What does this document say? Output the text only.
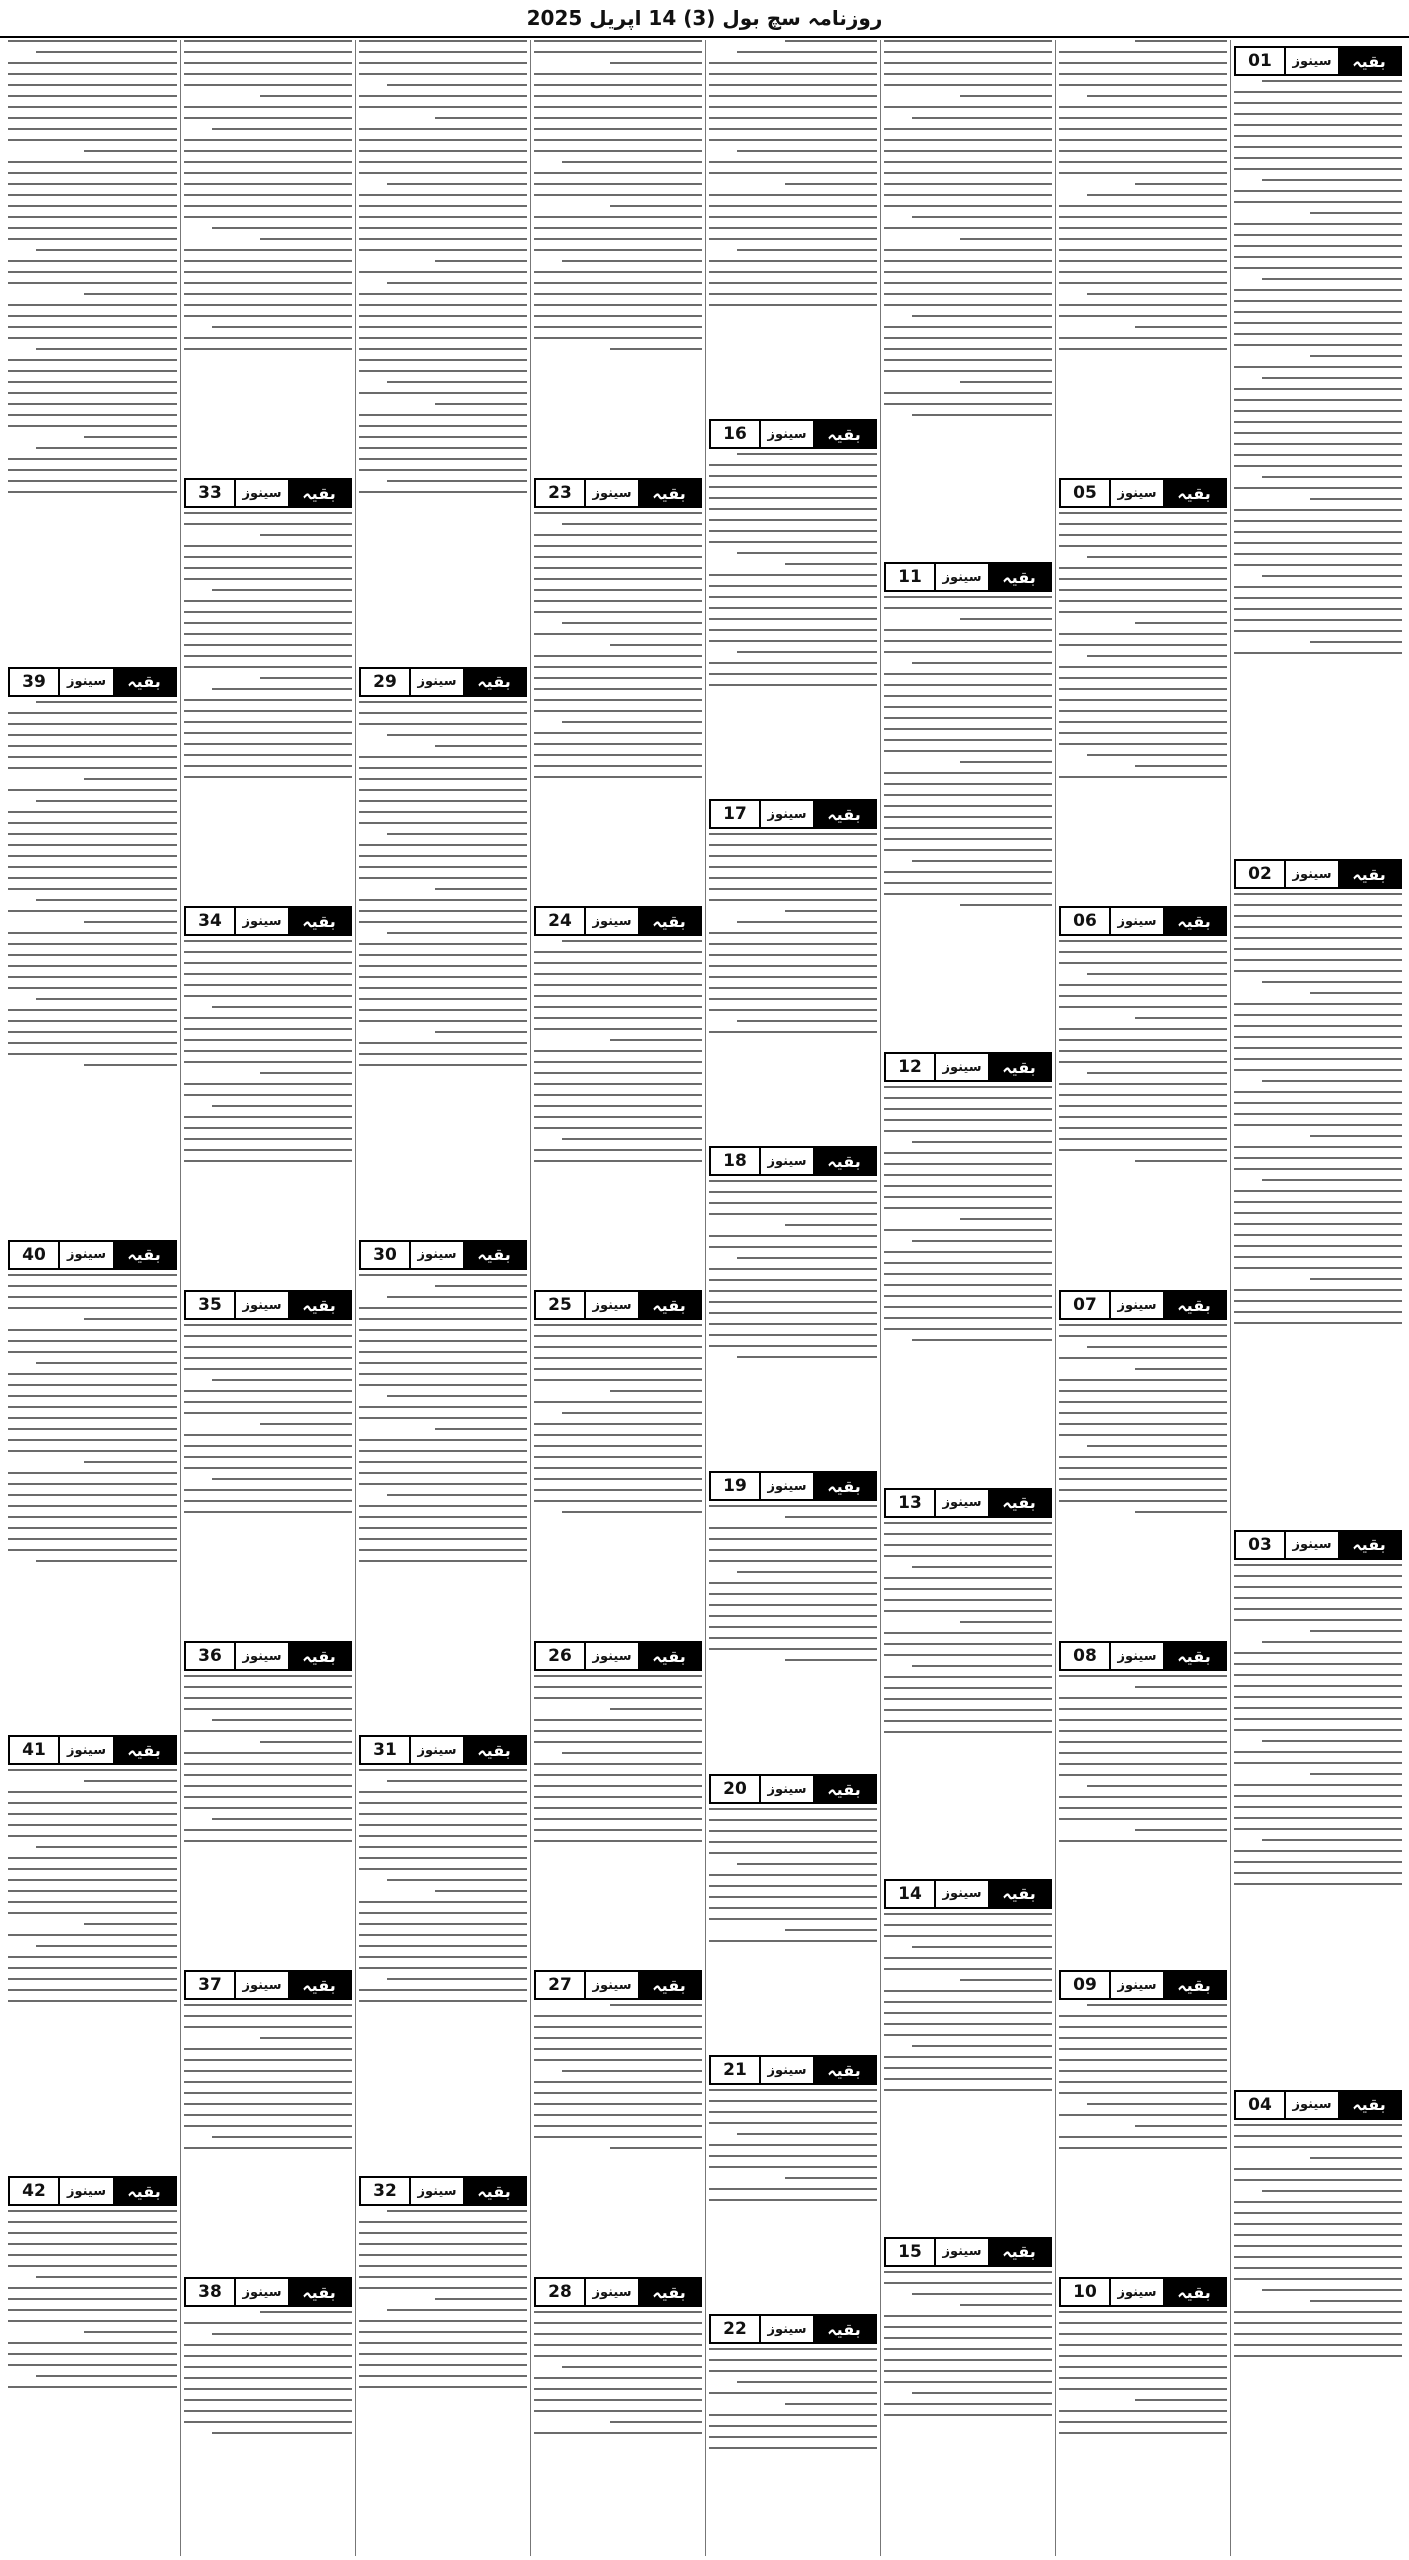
روزنامہ سچ بول (3) 14 اپریل 2025
01	سینوز	بقیہ
02	سینوز	بقیہ
03	سینوز	بقیہ
04	سینوز	بقیہ
05	سینوز	بقیہ
06	سینوز	بقیہ
07	سینوز	بقیہ
08	سینوز	بقیہ
09	سینوز	بقیہ
10	سینوز	بقیہ
11	سینوز	بقیہ
12	سینوز	بقیہ
13	سینوز	بقیہ
14	سینوز	بقیہ
15	سینوز	بقیہ
16	سینوز	بقیہ
17	سینوز	بقیہ
18	سینوز	بقیہ
19	سینوز	بقیہ
20	سینوز	بقیہ
21	سینوز	بقیہ
22	سینوز	بقیہ
23	سینوز	بقیہ
24	سینوز	بقیہ
25	سینوز	بقیہ
26	سینوز	بقیہ
27	سینوز	بقیہ
28	سینوز	بقیہ
29	سینوز	بقیہ
30	سینوز	بقیہ
31	سینوز	بقیہ
32	سینوز	بقیہ
33	سینوز	بقیہ
34	سینوز	بقیہ
35	سینوز	بقیہ
36	سینوز	بقیہ
37	سینوز	بقیہ
38	سینوز	بقیہ
39	سینوز	بقیہ
40	سینوز	بقیہ
41	سینوز	بقیہ
42	سینوز	بقیہ
